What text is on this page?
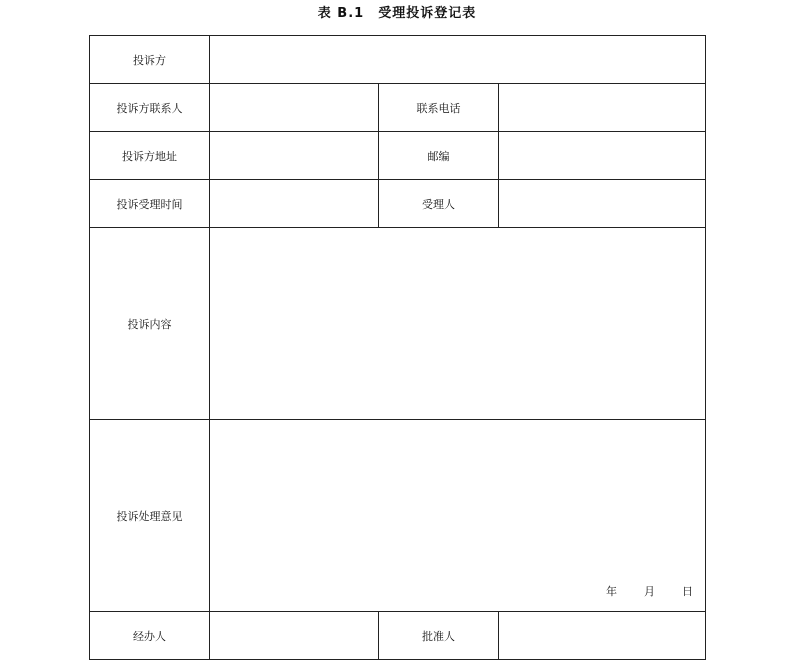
表 B.1 受理投诉登记表
投诉方			
投诉方联系人		联系电话	
投诉方地址		邮编	
投诉受理时间		受理人	
投诉内容			
投诉处理意见	年 月 日		

经办人		批准人	
